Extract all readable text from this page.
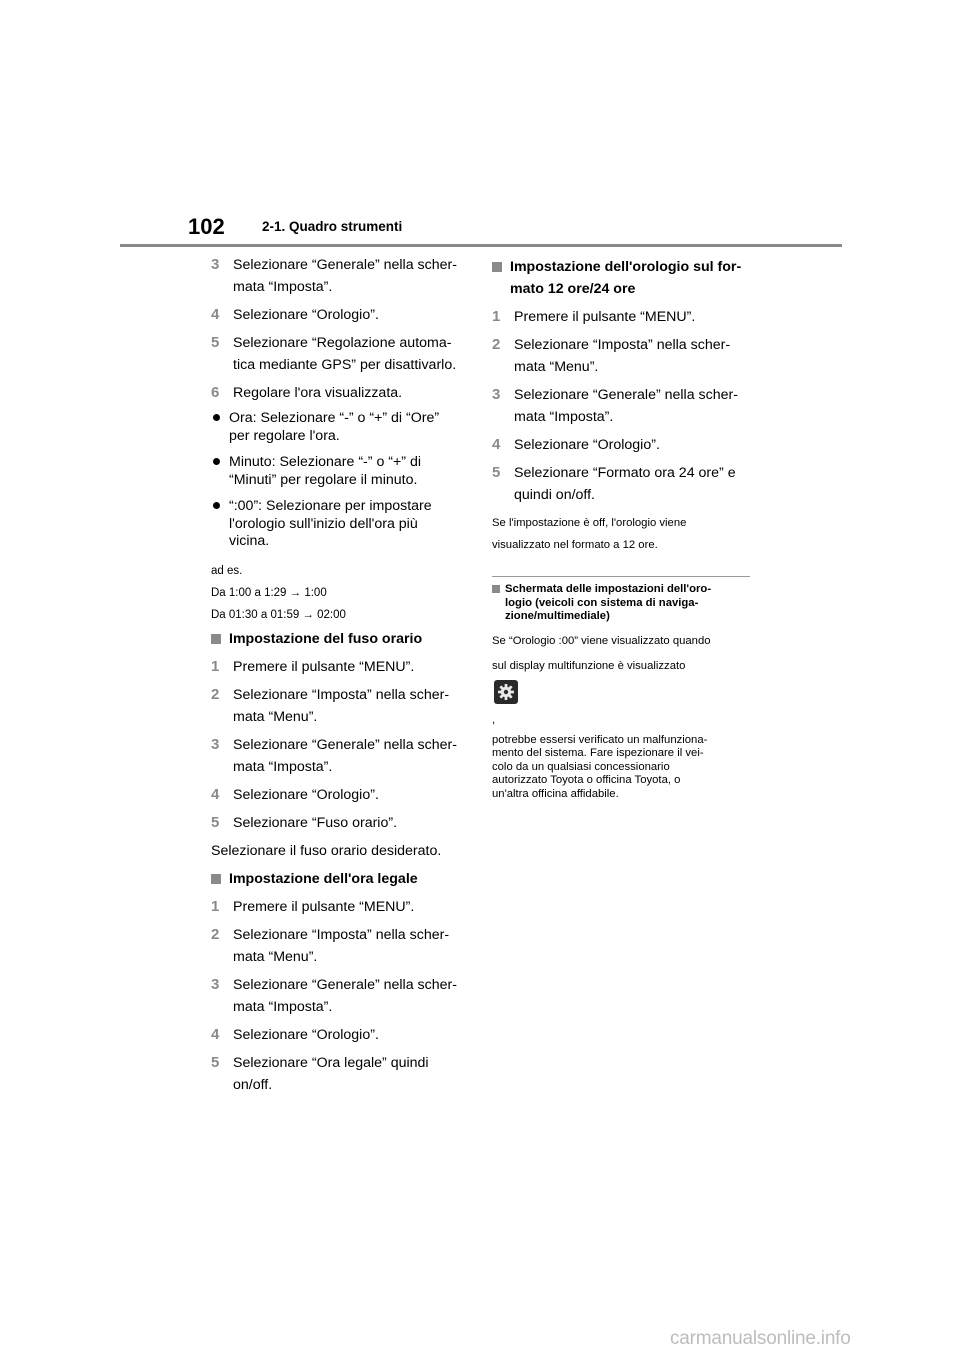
102	2-1. Quadro strumenti
3 Selezionare “Generale” nella scher-
mata “Imposta”.
4 Selezionare “Orologio”.
5 Selezionare “Regolazione automa-
tica mediante GPS” per disattivarlo.
6 Regolare l'ora visualizzata.
Ora: Selezionare “-” o “+” di “Ore”
per regolare l'ora.
Minuto: Selezionare “-” o “+” di
“Minuti” per regolare il minuto.
“:00”: Selezionare per impostare
l'orologio sull'inizio dell'ora più
vicina.
ad es.
Da 1:00 a 1:29 → 1:00
Da 01:30 a 01:59 → 02:00
Impostazione del fuso orario
1 Premere il pulsante “MENU”.
2 Selezionare “Imposta” nella scher-
mata “Menu”.
3 Selezionare “Generale” nella scher-
mata “Imposta”.
4 Selezionare “Orologio”.
5 Selezionare “Fuso orario”.
Selezionare il fuso orario desiderato.
Impostazione dell'ora legale
1 Premere il pulsante “MENU”.
2 Selezionare “Imposta” nella scher-
mata “Menu”.
3 Selezionare “Generale” nella scher-
mata “Imposta”.
4 Selezionare “Orologio”.
5 Selezionare “Ora legale” quindi
on/off.
Impostazione dell'orologio sul for-
mato 12 ore/24 ore
1 Premere il pulsante “MENU”.
2 Selezionare “Imposta” nella scher-
mata “Menu”.
3 Selezionare “Generale” nella scher-
mata “Imposta”.
4 Selezionare “Orologio”.
5 Selezionare “Formato ora 24 ore” e
quindi on/off.
Se l'impostazione è off, l'orologio viene
visualizzato nel formato a 12 ore.
Schermata delle impostazioni dell'oro-
logio (veicoli con sistema di naviga-
zione/multimediale)
Se “Orologio :00” viene visualizzato quando
sul display multifunzione è visualizzato
,
potrebbe essersi verificato un malfunziona-
mento del sistema. Fare ispezionare il vei-
colo da un qualsiasi concessionario
autorizzato Toyota o officina Toyota, o
un'altra officina affidabile.
carmanualsonline.info
